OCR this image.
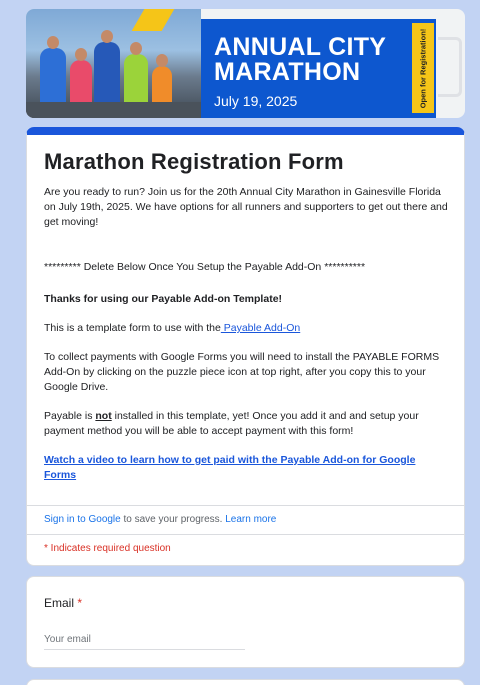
ANNUAL CITY
MARATHON
July 19, 2025	Open for Registration!
Marathon Registration Form
Are you ready to run? Join us for the 20th Annual City Marathon in Gainesville Florida on July 19th, 2025. We have options for all runners and supporters to get out there and get moving!
********* Delete Below Once You Setup the Payable Add-On **********
Thanks for using our Payable Add-on Template!
This is a template form to use with the Payable Add-On
To collect payments with Google Forms you will need to install the PAYABLE FORMS Add-On by clicking on the puzzle piece icon at top right, after you copy this to your Google Drive.
Payable is not installed in this template, yet! Once you add it and and setup your payment method you will be able to accept payment with this form!
Watch a video to learn how to get paid with the Payable Add-on for Google Forms
Sign in to Google to save your progress. Learn more
* Indicates required question
Email *
Your email
